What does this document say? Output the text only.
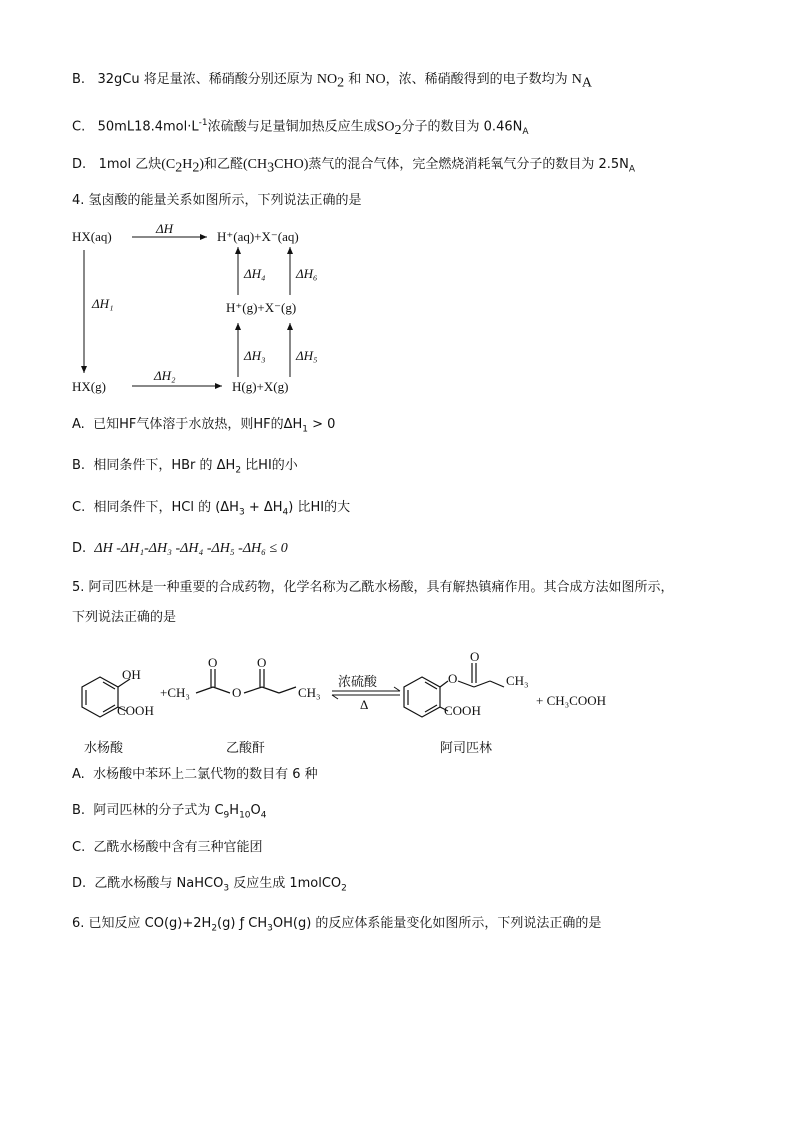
B. 32gCu 将足量浓、稀硝酸分别还原为 $NO_2$ 和 NO，浓、稀硝酸得到的电子数均为 $N_A$
C. $50mL18.4mol\cdot L^{-1}$浓硫酸与足量铜加热反应生成$SO_2$分子的数目为 $0.46N_A$
D. 1mol 乙炔$(C_2H_2)$和乙醛$(CH_3CHO)$蒸气的混合气体，完全燃烧消耗氧气分子的数目为 $2.5N_A$
4. 氢卤酸的能量关系如图所示，下列说法正确的是
HX(aq)	H⁺(aq)+X⁻(aq)
ΔH
ΔH₁
ΔH₄ ΔH₆
H⁺(g)+X⁻(g)
ΔH₃ ΔH₅
HX(g)
ΔH₂
H(g)+X(g)
A. 已知HF气体溶于水放热，则HF的$\Delta H_1 > 0$
B. 相同条件下，HBr 的 $\Delta H_2$ 比HI的小
C. 相同条件下，HCl 的 $(\Delta H_3 + \Delta H_4)$ 比HI的大
D. ΔH -ΔH₁-ΔH₃ -ΔH₄ -ΔH₅ -ΔH₆ ≤ 0
5. 阿司匹林是一种重要的合成药物，化学名称为乙酰水杨酸，具有解热镇痛作用。其合成方法如图所示，
下列说法正确的是
OH
COOH
+CH₃
O
O
O
CH₃
浓硫酸
Δ
O
O
CH₃
COOH
+ CH₃COOH
水杨酸	乙酸酐	阿司匹林
A. 水杨酸中苯环上二氯代物的数目有 6 种
B. 阿司匹林的分子式为 $C_9H_{10}O_4$
C. 乙酰水杨酸中含有三种官能团
D. 乙酰水杨酸与 NaHCO$_3$ 反应生成 1molCO$_2$
6. 已知反应 $CO(g)+2H_2(g)$ ƒ $CH_3OH(g)$ 的反应体系能量变化如图所示，下列说法正确的是
